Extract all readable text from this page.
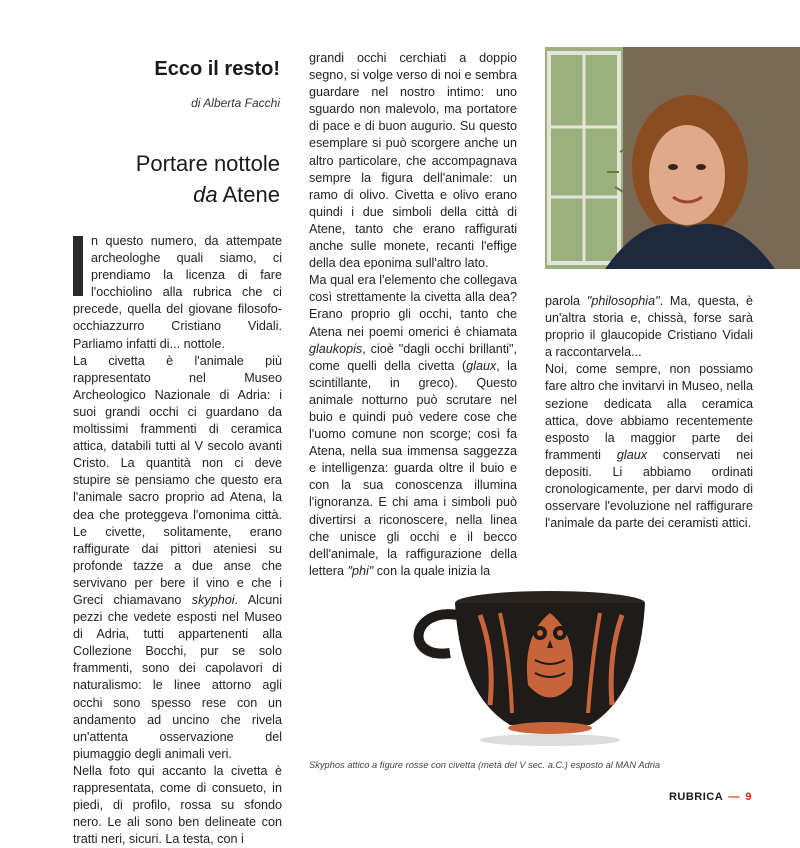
Ecco il resto!
di Alberta Facchi
Portare nottole
da Atene

n questo numero, da attempate archeologhe quali siamo, ci prendiamo la licenza di fare l'occhiolino alla rubrica che ci precede, quella del giovane filosofo-occhiazzurro Cristiano Vidali. Parliamo infatti di... nottole.

La civetta è l'animale più rappresentato nel Museo Archeologico Nazionale di Adria: i suoi grandi occhi ci guardano da moltissimi frammenti di ceramica attica, databili tutti al V secolo avanti Cristo. La quantità non ci deve stupire se pensiamo che questo era l'animale sacro proprio ad Atena, la dea che proteggeva l'omonima città. Le civette, solitamente, erano raffigurate dai pittori ateniesi su profonde tazze a due anse che servivano per bere il vino e che i Greci chiamavano skyphoi. Alcuni pezzi che vedete esposti nel Museo di Adria, tutti appartenenti alla Collezione Bocchi, pur se solo frammenti, sono dei capolavori di naturalismo: le linee attorno agli occhi sono spesso rese con un andamento ad uncino che rivela un'attenta osservazione del piumaggio degli animali veri.

Nella foto qui accanto la civetta è rappresentata, come di consueto, in piedi, di profilo, rossa su sfondo nero. Le ali sono ben delineate con tratti neri, sicuri. La testa, con i

grandi occhi cerchiati a doppio segno, si volge verso di noi e sembra guardare nel nostro intimo: uno sguardo non malevolo, ma portatore di pace e di buon augurio. Su questo esemplare si può scorgere anche un altro particolare, che accompagnava sempre la figura dell'animale: un ramo di olivo. Civetta e olivo erano quindi i due simboli della città di Atene, tanto che erano raffigurati anche sulle monete, recanti l'effige della dea eponima sull'altro lato.

Ma qual era l'elemento che collegava così strettamente la civetta alla dea? Erano proprio gli occhi, tanto che Atena nei poemi omerici è chiamata glaukopis, cioè "dagli occhi brillanti", come quelli della civetta (glaux, la scintillante, in greco). Questo animale notturno può scrutare nel buio e quindi può vedere cose che l'uomo comune non scorge; così fa Atena, nella sua immensa saggezza e intelligenza: guarda oltre il buio e con la sua conoscenza illumina l'ignoranza. E chi ama i simboli può divertirsi a riconoscere, nella linea che unisce gli occhi e il becco dell'animale, la raffigurazione della lettera "phi" con la quale inizia la

parola "philosophia". Ma, questa, è un'altra storia e, chissà, forse sarà proprio il glaucopide Cristiano Vidali a raccontarvela...

Noi, come sempre, non possiamo fare altro che invitarvi in Museo, nella sezione dedicata alla ceramica attica, dove abbiamo recentemente esposto la maggior parte dei frammenti glaux conservati nei depositi. Li abbiamo ordinati cronologicamente, per darvi modo di osservare l'evoluzione nel raffigurare l'animale da parte dei ceramisti attici.

Skyphos attico a figure rosse con civetta (metà del V sec. a.C.) esposto al MAN Adria
RUBRICA — 9
